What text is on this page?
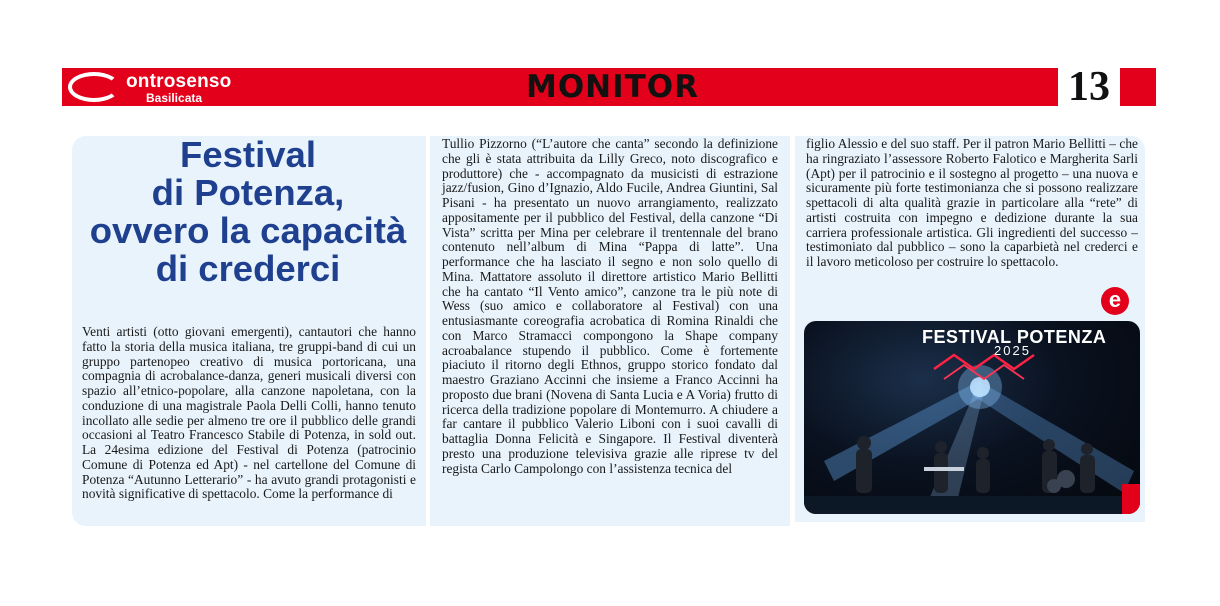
ontrosenso
Basilicata	MONITOR	13
Festival
di Potenza,
ovvero la capacità
di crederci

Venti artisti (otto giovani emergenti), cantautori che hanno fatto la storia della musica italiana, tre gruppi-band di cui un gruppo partenopeo creativo di musica portoricana, una compagnia di acrobalance-danza, generi musicali diversi con spazio all’etnico-popolare, alla canzone napoletana, con la conduzione di una magistrale Paola Delli Colli, hanno tenuto incollato alle sedie per almeno tre ore il pubblico delle grandi occasioni al Teatro Francesco Stabile di Potenza, in sold out. La 24esima edizione del Festival di Potenza (patrocinio Comune di Potenza ed Apt) - nel cartellone del Comune di Potenza “Autunno Letterario” - ha avuto grandi protagonisti e novità significative di spettacolo. Come la performance di

Tullio Pizzorno (“L’autore che canta” secondo la definizione che gli è stata attribuita da Lilly Greco, noto discografico e produttore) che - accompagnato da musicisti di estrazione jazz/fusion, Gino d’Ignazio, Aldo Fucile, Andrea Giuntini, Sal Pisani - ha presentato un nuovo arrangiamento, realizzato appositamente per il pubblico del Festival, della canzone “Di Vista” scritta per Mina per celebrare il trentennale del brano contenuto nell’album di Mina “Pappa di latte”. Una performance che ha lasciato il segno e non solo quello di Mina. Mattatore assoluto il direttore artistico Mario Bellitti che ha cantato “Il Vento amico”, canzone tra le più note di Wess (suo amico e collaboratore al Festival) con una entusiasmante coreografia acrobatica di Romina Rinaldi che con Marco Stramacci compongono la Shape company acroabalance stupendo il pubblico. Come è fortemente piaciuto il ritorno degli Ethnos, gruppo storico fondato dal maestro Graziano Accinni che insieme a Franco Accinni ha proposto due brani (Novena di Santa Lucia e A Voria) frutto di ricerca della tradizione popolare di Montemurro. A chiudere a far cantare il pubblico Valerio Liboni con i suoi cavalli di battaglia Donna Felicità e Singapore. Il Festival diventerà presto una produzione televisiva grazie alle riprese tv del regista Carlo Campolongo con l’assistenza tecnica del

figlio Alessio e del suo staff. Per il patron Mario Bellitti – che ha ringraziato l’assessore Roberto Falotico e Margherita Sarli (Apt) per il patrocinio e il sostegno al progetto – una nuova e sicuramente più forte testimonianza che si possono realizzare spettacoli di alta qualità grazie in particolare alla “rete” di artisti costruita con impegno e dedizione durante la sua carriera professionale artistica. Gli ingredienti del successo – testimoniato dal pubblico – sono la caparbietà nel crederci e il lavoro meticoloso per costruire lo spettacolo.

e
FESTIVAL POTENZA
2025
